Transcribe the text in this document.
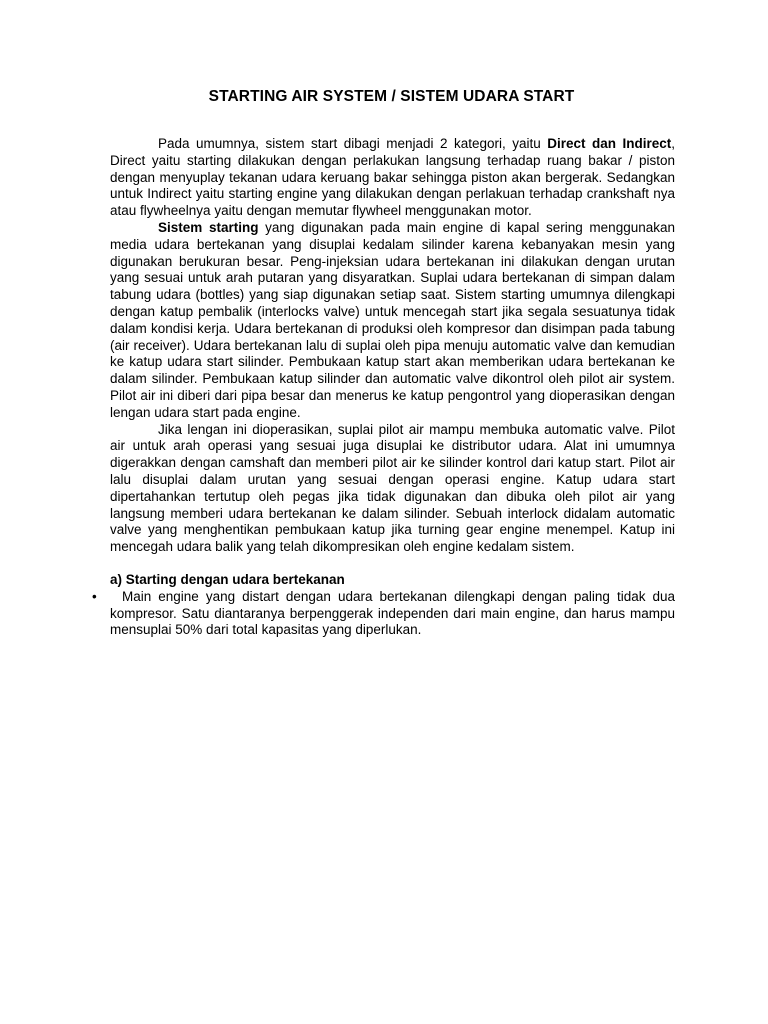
STARTING AIR SYSTEM / SISTEM UDARA START

Pada umumnya, sistem start dibagi menjadi 2 kategori, yaitu Direct dan Indirect, Direct yaitu starting dilakukan dengan perlakukan langsung terhadap ruang bakar / piston dengan menyuplay tekanan udara keruang bakar sehingga piston akan bergerak. Sedangkan untuk Indirect yaitu starting engine yang dilakukan dengan perlakuan terhadap crankshaft nya atau flywheelnya yaitu dengan memutar flywheel menggunakan motor.

Sistem starting yang digunakan pada main engine di kapal sering menggunakan media udara bertekanan yang disuplai kedalam silinder karena kebanyakan mesin yang digunakan berukuran besar. Peng-injeksian udara bertekanan ini dilakukan dengan urutan yang sesuai untuk arah putaran yang disyaratkan. Suplai udara bertekanan di simpan dalam tabung udara (bottles) yang siap digunakan setiap saat. Sistem starting umumnya dilengkapi dengan katup pembalik (interlocks valve) untuk mencegah start jika segala sesuatunya tidak dalam kondisi kerja. Udara bertekanan di produksi oleh kompresor dan disimpan pada tabung (air receiver). Udara bertekanan lalu di suplai oleh pipa menuju automatic valve dan kemudian ke katup udara start silinder. Pembukaan katup start akan memberikan udara bertekanan ke dalam silinder. Pembukaan katup silinder dan automatic valve dikontrol oleh pilot air system. Pilot air ini diberi dari pipa besar dan menerus ke katup pengontrol yang dioperasikan dengan lengan udara start pada engine.

Jika lengan ini dioperasikan, suplai pilot air mampu membuka automatic valve. Pilot air untuk arah operasi yang sesuai juga disuplai ke distributor udara. Alat ini umumnya digerakkan dengan camshaft dan memberi pilot air ke silinder kontrol dari katup start. Pilot air lalu disuplai dalam urutan yang sesuai dengan operasi engine. Katup udara start dipertahankan tertutup oleh pegas jika tidak digunakan dan dibuka oleh pilot air yang langsung memberi udara bertekanan ke dalam silinder. Sebuah interlock didalam automatic valve yang menghentikan pembukaan katup jika turning gear engine menempel. Katup ini mencegah udara balik yang telah dikompresikan oleh engine kedalam sistem.

a) Starting dengan udara bertekanan

•	Main engine yang distart dengan udara bertekanan dilengkapi dengan paling tidak dua kompresor. Satu diantaranya berpenggerak independen dari main engine, dan harus mampu mensuplai 50% dari total kapasitas yang diperlukan.
